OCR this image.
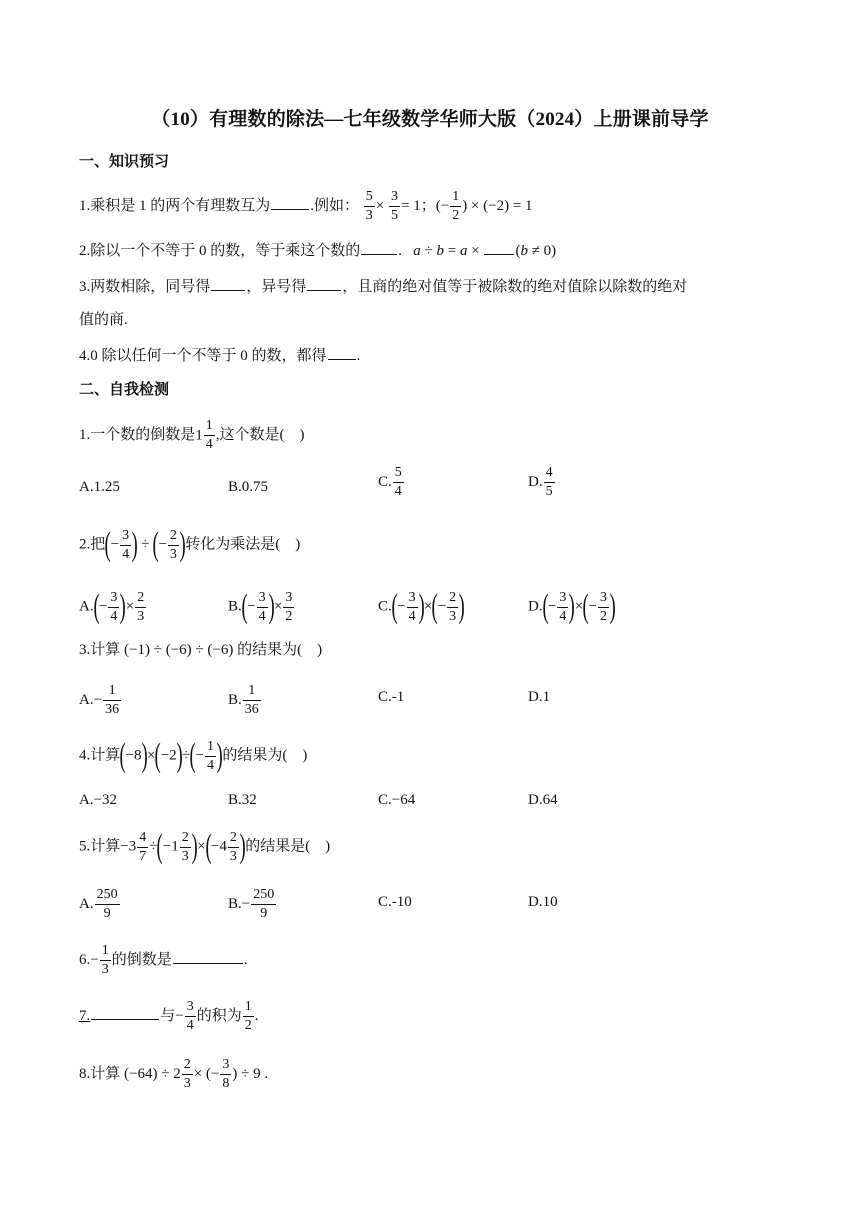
（10）有理数的除法—七年级数学华师大版（2024）上册课前导学
一、知识预习
1.乘积是 1 的两个有理数互为	.例如： $\frac{5}{3} \times \frac{3}{5} = 1$；(− $\frac{1}{2}$ ) × (−2) = 1
2.除以一个不等于 0 的数，等于乘这个数的	. a ÷ b = a × (b ≠ 0)
3.两数相除，同号得 ，异号得 ，且商的绝对值等于被除数的绝对值除以除数的绝对
值的商.
4.0 除以任何一个不等于 0 的数，都得 .
二、自我检测
1.一个数的倒数是$1 \frac{1}{4}$ ,这个数是(　)
A.1.25	B.0.75	C. $\frac{5}{4}$	D. $\frac{4}{5}$
2.把(− $\frac{3}{4}$ ) ÷ (− $\frac{2}{3}$ )转化为乘法是(　)
$A.(- \frac{3}{4}$ )× $\frac{2}{3}$	$B.(- \frac{3}{4}$ )× $\frac{3}{2}$	$C.(- \frac{3}{4}$ )×(− $\frac{2}{3}$ )	$D.(- \frac{3}{4}$ )×(− $\frac{3}{2}$ )
3.计算 (−1) ÷ (−6) ÷ (−6) 的结果为(　)
$A.- \frac{1}{36}$	B. $\frac{1}{36}$	C.-1	D.1
4.计算$(-8)\times(-2)\div(- \frac{1}{4}$ )的结果为(　)
A.−32	B.32	C.−64	D.64
5.计算$-3 \frac{4}{7} \div(-1 \frac{2}{3} )\times(-4 \frac{2}{3}$ )的结果是(　)
A. $\frac{250}{9}$	$B.- \frac{250}{9}$	C.-10	D.10
$6.- \frac{1}{3}$ 的倒数是	.
7.	与− $\frac{3}{4}$ 的积为 $\frac{1}{2}$ .
8.计算 $(-64) \div 2 \frac{2}{3}$ × (− $\frac{3}{8}$ ) ÷ 9 .
